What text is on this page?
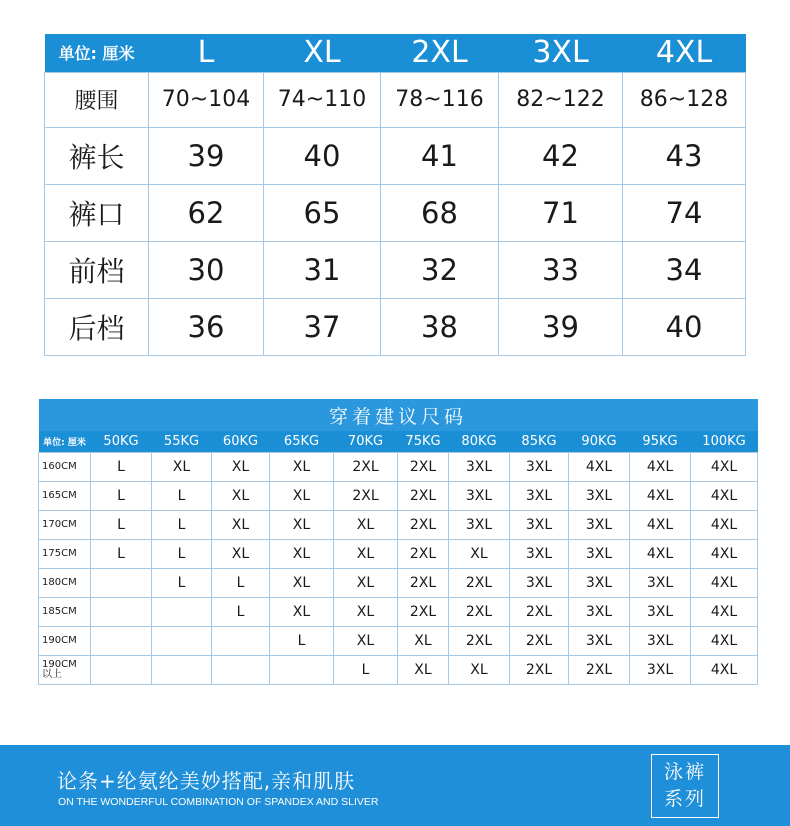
单位: 厘米	L	XL	2XL	3XL	4XL
腰围	70~104	74~110	78~116	82~122	86~128
裤长	39	40	41	42	43
裤口	62	65	68	71	74
前档	30	31	32	33	34
后档	36	37	38	39	40
穿着建议尺码											
单位: 厘米	50KG	55KG	60KG	65KG	70KG	75KG	80KG	85KG	90KG	95KG	100KG

160CM	L	XL	XL	XL	2XL	2XL	3XL	3XL	4XL	4XL	4XL

165CM	L	L	XL	XL	2XL	2XL	3XL	3XL	3XL	4XL	4XL

170CM	L	L	XL	XL	XL	2XL	3XL	3XL	3XL	4XL	4XL

175CM	L	L	XL	XL	XL	2XL	XL	3XL	3XL	4XL	4XL

180CM		L	L	XL	XL	2XL	2XL	3XL	3XL	3XL	4XL

185CM			L	XL	XL	2XL	2XL	2XL	3XL	3XL	4XL

190CM				L	XL	XL	2XL	2XL	3XL	3XL	4XL

190CM
以上					L	XL	XL	2XL	2XL	3XL	4XL
论条+纶氨纶美妙搭配,亲和肌肤
ON THE WONDERFUL COMBINATION OF SPANDEX AND SLIVER
泳裤
系列
